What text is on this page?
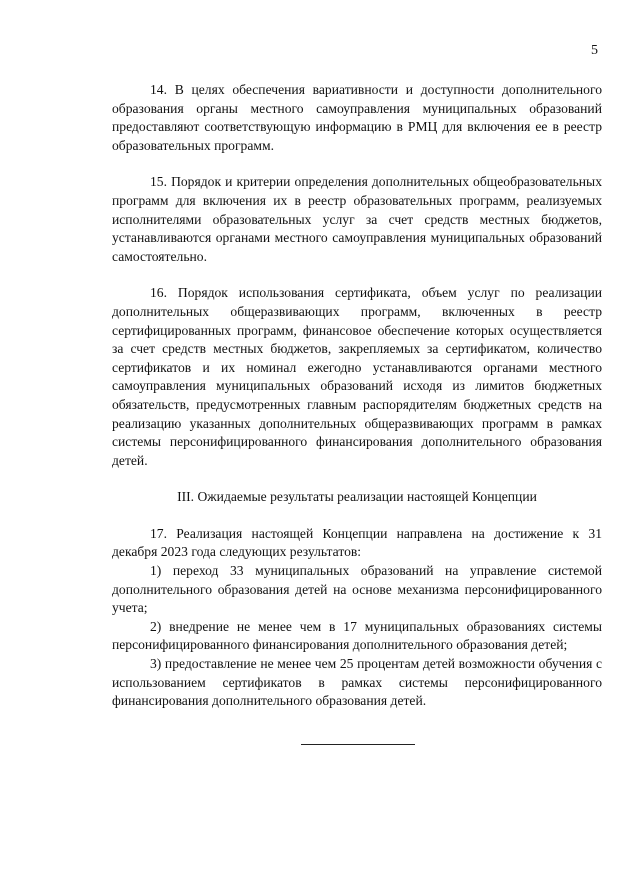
5

14. В целях обеспечения вариативности и доступности дополнительного образования органы местного самоуправления муниципальных образований предоставляют соответствующую информацию в РМЦ для включения ее в реестр образовательных программ.

15. Порядок и критерии определения дополнительных общеобразовательных программ для включения их в реестр образовательных программ, реализуемых исполнителями образовательных услуг за счет средств местных бюджетов, устанавливаются органами местного самоуправления муниципальных образований самостоятельно.

16. Порядок использования сертификата, объем услуг по реализации дополнительных общеразвивающих программ, включенных в реестр сертифицированных программ, финансовое обеспечение которых осуществляется за счет средств местных бюджетов, закрепляемых за сертификатом, количество сертификатов и их номинал ежегодно устанавливаются органами местного самоуправления муниципальных образований исходя из лимитов бюджетных обязательств, предусмотренных главным распорядителям бюджетных средств на реализацию указанных дополнительных общеразвивающих программ в рамках системы персонифицированного финансирования дополнительного образования детей.

III. Ожидаемые результаты реализации настоящей Концепции

17. Реализация настоящей Концепции направлена на достижение к 31 декабря 2023 года следующих результатов:

1) переход 33 муниципальных образований на управление системой дополнительного образования детей на основе механизма персонифицированного учета;

2) внедрение не менее чем в 17 муниципальных образованиях системы персонифицированного финансирования дополнительного образования детей;

3) предоставление не менее чем 25 процентам детей возможности обучения с использованием сертификатов в рамках системы персонифицированного финансирования дополнительного образования детей.
